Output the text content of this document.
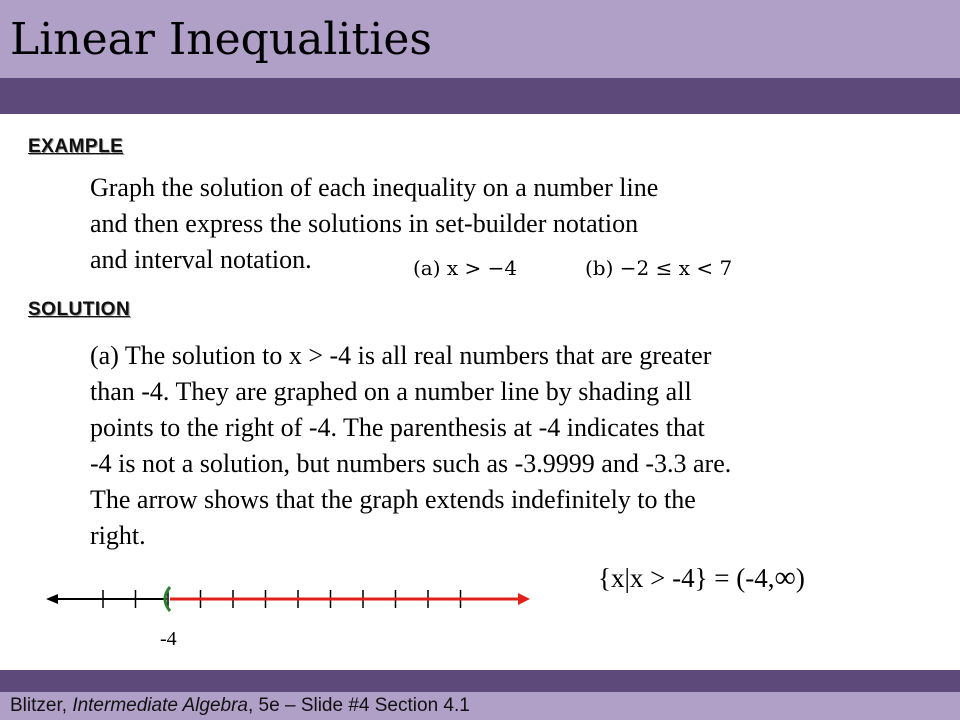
Linear Inequalities
EXAMPLE
Graph the solution of each inequality on a number line
and then express the solutions in set-builder notation
and interval notation.	(a) x > −4	(b) −2 ≤ x < 7
SOLUTION
(a) The solution to x > -4 is all real numbers that are greater
than -4. They are graphed on a number line by shading all
points to the right of -4. The parenthesis at -4 indicates that
-4 is not a solution, but numbers such as -3.9999 and -3.3 are.
The arrow shows that the graph extends indefinitely to the
right.
{x|x > -4} = (-4,∞)
-4
Blitzer, Intermediate Algebra, 5e – Slide #4 Section 4.1
